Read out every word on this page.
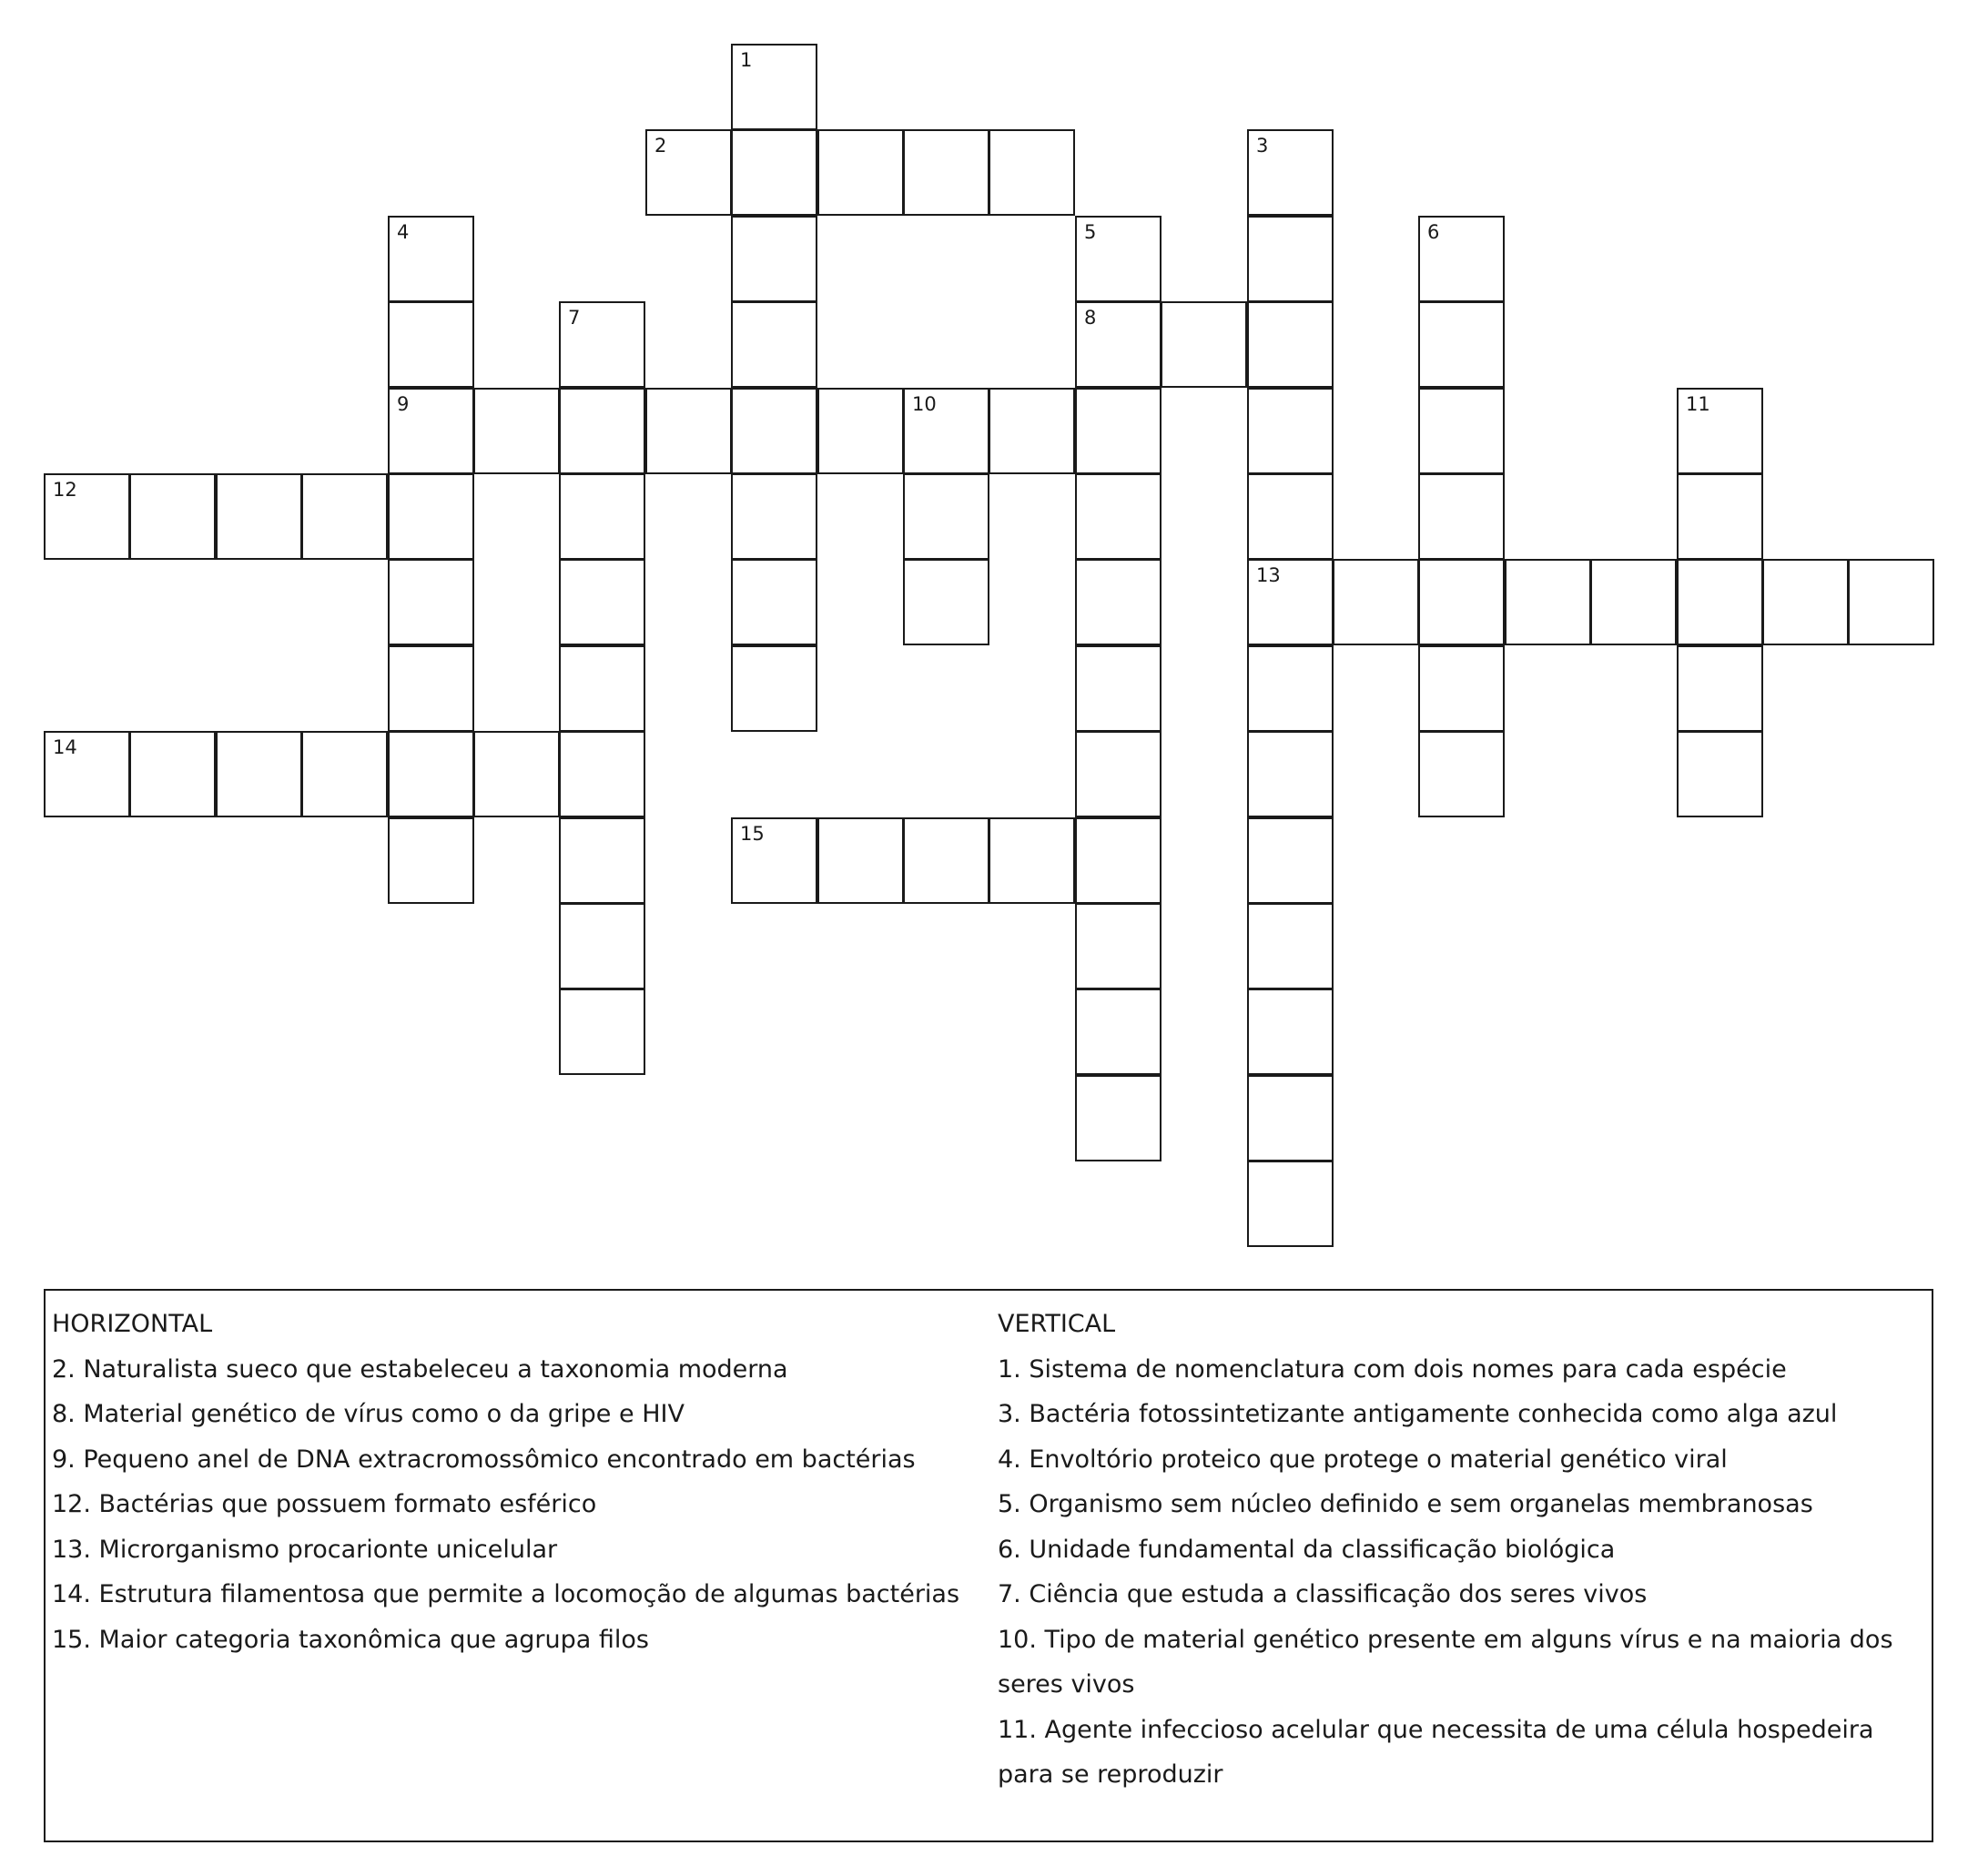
1
2	3
13
4
9
5
8
6
7
10	11
12
14
15

HORIZONTAL

2. Naturalista sueco que estabeleceu a taxonomia moderna

8. Material genético de vírus como o da gripe e HIV

9. Pequeno anel de DNA extracromossômico encontrado em bactérias

12. Bactérias que possuem formato esférico

13. Microrganismo procarionte unicelular

14. Estrutura filamentosa que permite a locomoção de algumas bactérias

15. Maior categoria taxonômica que agrupa filos

VERTICAL

1. Sistema de nomenclatura com dois nomes para cada espécie

3. Bactéria fotossintetizante antigamente conhecida como alga azul

4. Envoltório proteico que protege o material genético viral

5. Organismo sem núcleo definido e sem organelas membranosas

6. Unidade fundamental da classificação biológica

7. Ciência que estuda a classificação dos seres vivos

10. Tipo de material genético presente em alguns vírus e na maioria dos seres vivos

11. Agente infeccioso acelular que necessita de uma célula hospedeira para se reproduzir
